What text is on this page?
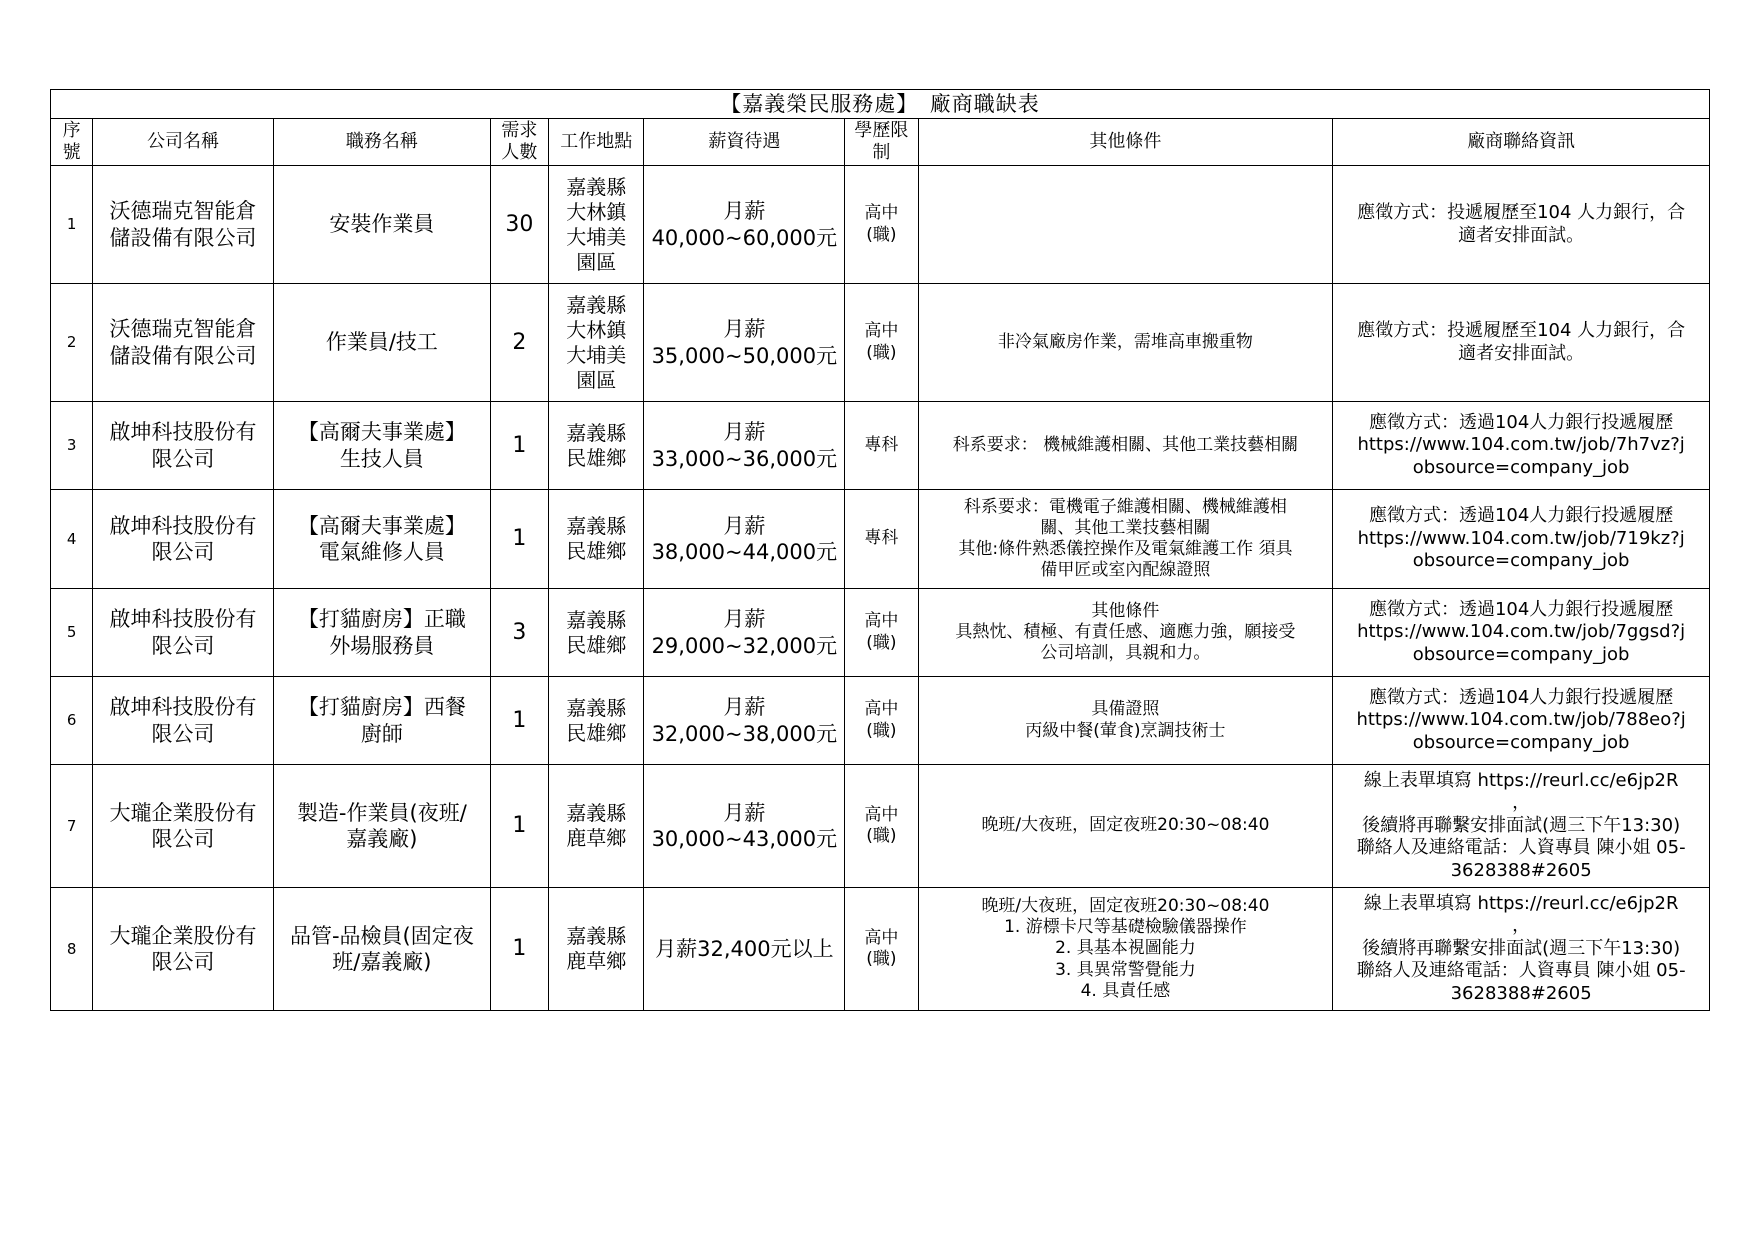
【嘉義榮民服務處】　廠商職缺表								
序
號	公司名稱	職務名稱	需求
人數	工作地點	薪資待遇	學歷限
制	其他條件	廠商聯絡資訊
1	沃德瑞克智能倉
儲設備有限公司	安裝作業員	30	嘉義縣
大林鎮
大埔美
園區	月薪
40,000~60,000元	高中
(職)		應徵方式：投遞履歷至104 人力銀行，合
適者安排面試。
2	沃德瑞克智能倉
儲設備有限公司	作業員/技工	2	嘉義縣
大林鎮
大埔美
園區	月薪
35,000~50,000元	高中
(職)	非冷氣廠房作業，需堆高車搬重物	應徵方式：投遞履歷至104 人力銀行，合
適者安排面試。
3	啟坤科技股份有
限公司	【高爾夫事業處】
生技人員	1	嘉義縣
民雄鄉	月薪
33,000~36,000元	專科	科系要求： 機械維護相關、其他工業技藝相關	應徵方式：透過104人力銀行投遞履歷
https://www.104.com.tw/job/7h7vz?j
obsource=company_job
4	啟坤科技股份有
限公司	【高爾夫事業處】
電氣維修人員	1	嘉義縣
民雄鄉	月薪
38,000~44,000元	專科	科系要求：電機電子維護相關、機械維護相
關、其他工業技藝相關
其他:條件熟悉儀控操作及電氣維護工作 須具
備甲匠或室內配線證照	應徵方式：透過104人力銀行投遞履歷
https://www.104.com.tw/job/719kz?j
obsource=company_job
5	啟坤科技股份有
限公司	【打貓廚房】正職
外場服務員	3	嘉義縣
民雄鄉	月薪
29,000~32,000元	高中
(職)	其他條件
具熱忱、積極、有責任感、適應力強，願接受
公司培訓，具親和力。	應徵方式：透過104人力銀行投遞履歷
https://www.104.com.tw/job/7ggsd?j
obsource=company_job
6	啟坤科技股份有
限公司	【打貓廚房】西餐
廚師	1	嘉義縣
民雄鄉	月薪
32,000~38,000元	高中
(職)	具備證照
丙級中餐(葷食)烹調技術士	應徵方式：透過104人力銀行投遞履歷
https://www.104.com.tw/job/788eo?j
obsource=company_job
7	大瓏企業股份有
限公司	製造-作業員(夜班/
嘉義廠)	1	嘉義縣
鹿草鄉	月薪
30,000~43,000元	高中
(職)	晚班/大夜班，固定夜班20:30~08:40	線上表單填寫 https://reurl.cc/e6jp2R
，
後續將再聯繫安排面試(週三下午13:30)
聯絡人及連絡電話：人資專員 陳小姐 05-
3628388#2605
8	大瓏企業股份有
限公司	品管-品檢員(固定夜
班/嘉義廠)	1	嘉義縣
鹿草鄉	月薪32,400元以上	高中
(職)	晚班/大夜班，固定夜班20:30~08:40
1. 游標卡尺等基礎檢驗儀器操作
2. 具基本視圖能力
3. 具異常警覺能力
4. 具責任感	線上表單填寫 https://reurl.cc/e6jp2R
，
後續將再聯繫安排面試(週三下午13:30)
聯絡人及連絡電話：人資專員 陳小姐 05-
3628388#2605
